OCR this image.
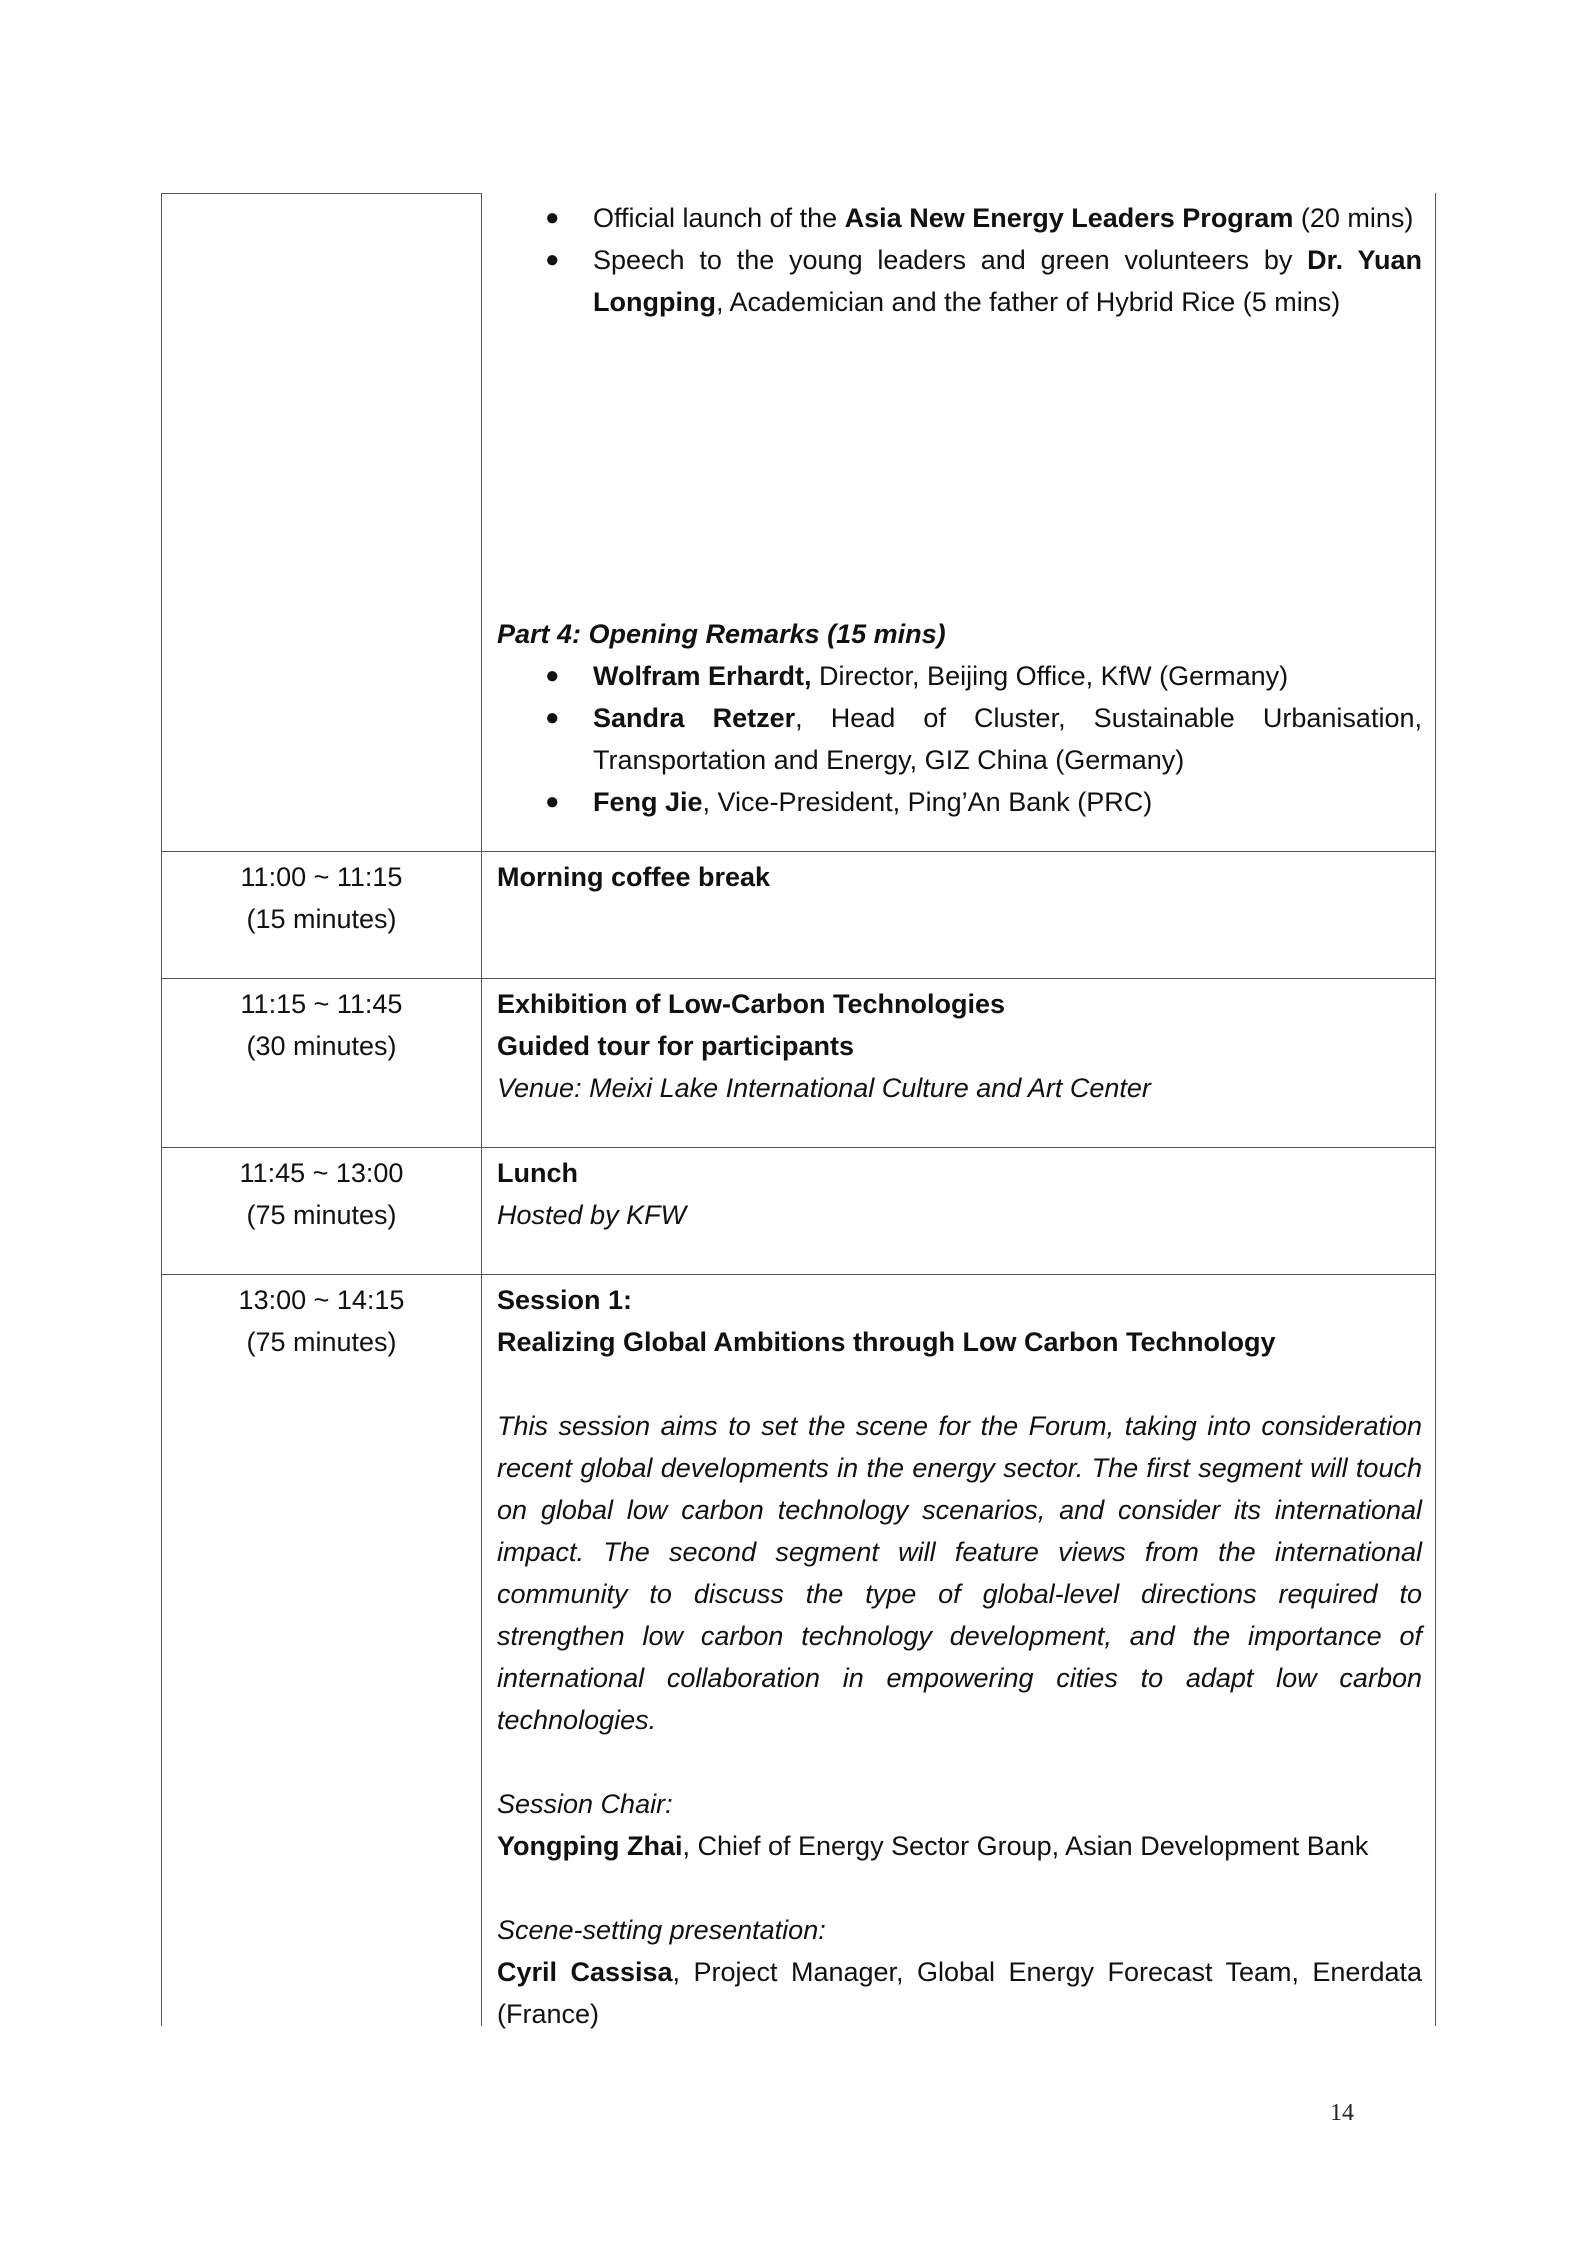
● Official launch of the Asia New Energy Leaders Program (20 mins)
● Speech to the young leaders and green volunteers by Dr. Yuan Longping, Academician and the father of Hybrid Rice (5 mins)
Part 4: Opening Remarks (15 mins)
● Wolfram Erhardt, Director, Beijing Office, KfW (Germany)
● Sandra Retzer, Head of Cluster, Sustainable Urbanisation, Transportation and Energy, GIZ China (Germany)
● Feng Jie, Vice-President, Ping’An Bank (PRC)
11:00 ~ 11:15
(15 minutes)
Morning coffee break
11:15 ~ 11:45
(30 minutes)
Exhibition of Low-Carbon Technologies
Guided tour for participants
Venue: Meixi Lake International Culture and Art Center
11:45 ~ 13:00
(75 minutes)
Lunch
Hosted by KFW
13:00 ~ 14:15
(75 minutes)
Session 1:
Realizing Global Ambitions through Low Carbon Technology
This session aims to set the scene for the Forum, taking into consideration recent global developments in the energy sector. The first segment will touch on global low carbon technology scenarios, and consider its international impact. The second segment will feature views from the international community to discuss the type of global-level directions required to strengthen low carbon technology development, and the importance of international collaboration in empowering cities to adapt low carbon technologies.
Session Chair:
Yongping Zhai, Chief of Energy Sector Group, Asian Development Bank
Scene-setting presentation:
Cyril Cassisa, Project Manager, Global Energy Forecast Team, Enerdata (France)
14
